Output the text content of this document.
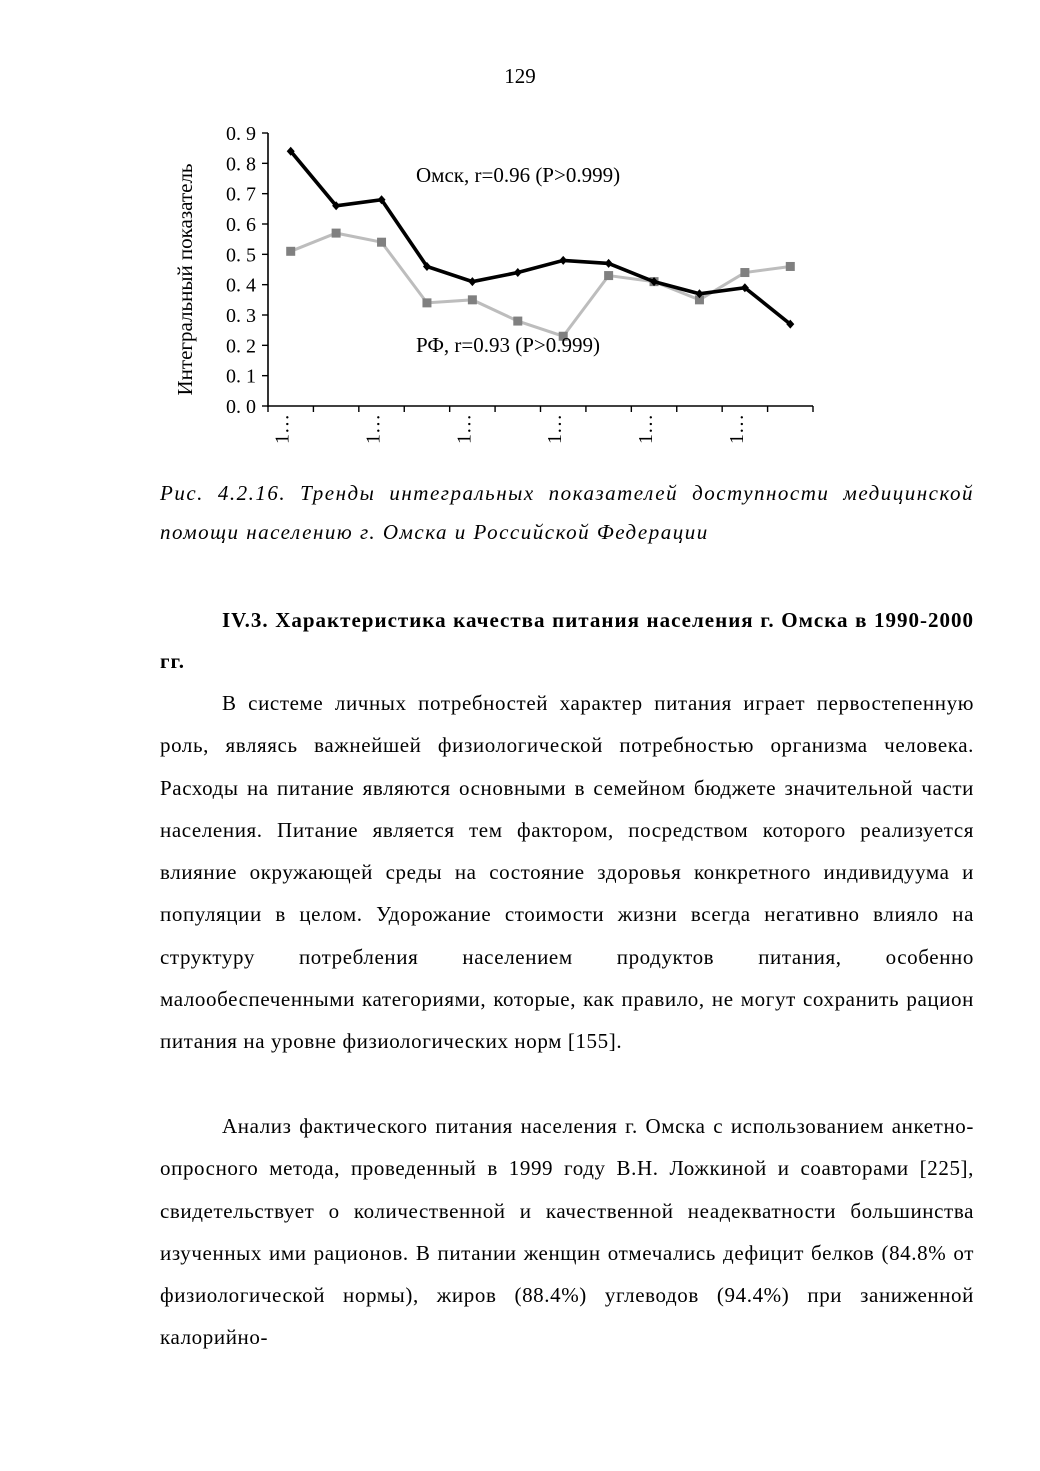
129
0. 0
0. 1
0. 2
0. 3
0. 4
0. 5
0. 6
0. 7
0. 8
0. 9
Интегральный показатель
1…	1…	1…	1…	1…	1…
Омск, r=0.96 (P>0.999)
РФ, r=0.93 (P>0.999)
Рис. 4.2.16. Тренды интегральных показателей доступности медицинской помощи населению г. Омска и Российской Федерации
IV.3. Характеристика качества питания населения г. Омска в 1990-2000 гг.

В системе личных потребностей характер питания играет первостепенную роль, являясь важнейшей физиологической потребностью организма человека. Расходы на питание являются основными в семейном бюджете значительной части населения. Питание является тем фактором, посредством которого реализуется влияние окружающей среды на состояние здоровья конкретного индивидуума и популяции в целом. Удорожание стоимости жизни всегда негативно влияло на структуру потребления населением продуктов питания, особенно малообеспеченными категориями, которые, как правило, не могут сохранить рацион питания на уровне физиологических норм [155].

Анализ фактического питания населения г. Омска с использованием анкетно-опросного метода, проведенный в 1999 году В.Н. Ложкиной и соавторами [225], свидетельствует о количественной и качественной неадекватности большинства изученных ими рационов. В питании женщин отмечались дефицит белков (84.8% от физиологической нормы), жиров (88.4%) углеводов (94.4%) при заниженной калорийно-
